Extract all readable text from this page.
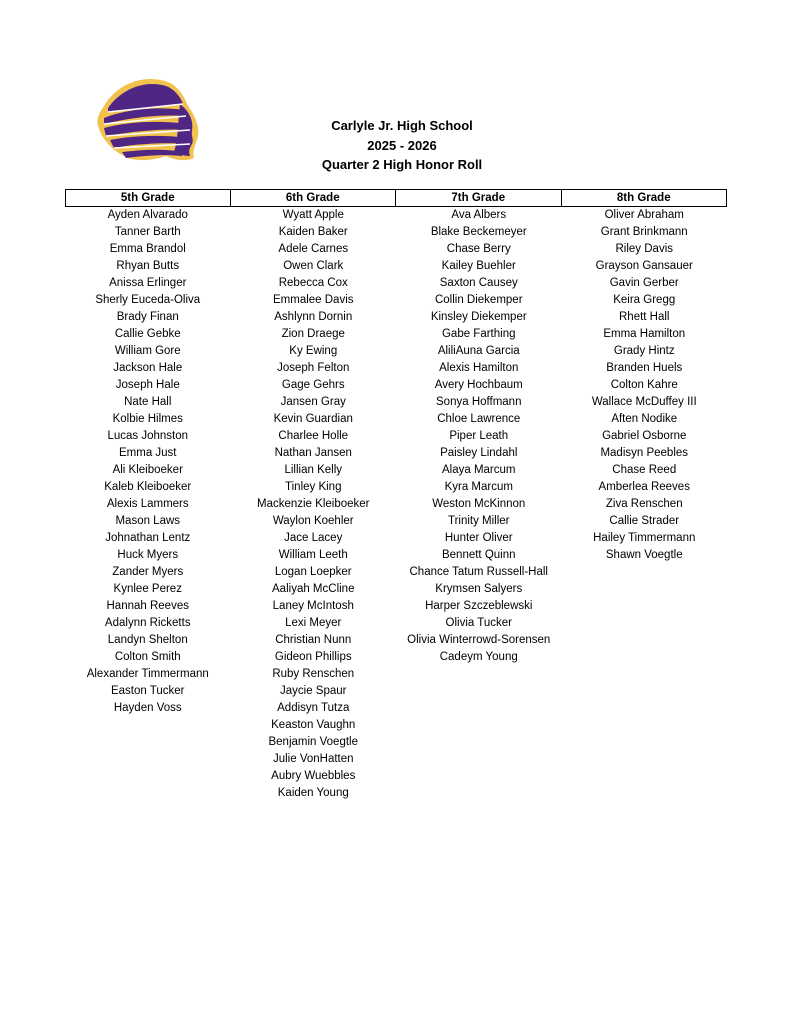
Carlyle Jr. High School
2025 - 2026
Quarter 2 High Honor Roll
5th Grade
Ayden Alvarado
Tanner Barth
Emma Brandol
Rhyan Butts
Anissa Erlinger
Sherly Euceda-Oliva
Brady Finan
Callie Gebke
William Gore
Jackson Hale
Joseph Hale
Nate Hall
Kolbie Hilmes
Lucas Johnston
Emma Just
Ali Kleiboeker
Kaleb Kleiboeker
Alexis Lammers
Mason Laws
Johnathan Lentz
Huck Myers
Zander Myers
Kynlee Perez
Hannah Reeves
Adalynn Ricketts
Landyn Shelton
Colton Smith
Alexander Timmermann
Easton Tucker
Hayden Voss
6th Grade
Wyatt Apple
Kaiden Baker
Adele Carnes
Owen Clark
Rebecca Cox
Emmalee Davis
Ashlynn Dornin
Zion Draege
Ky Ewing
Joseph Felton
Gage Gehrs
Jansen Gray
Kevin Guardian
Charlee Holle
Nathan Jansen
Lillian Kelly
Tinley King
Mackenzie Kleiboeker
Waylon Koehler
Jace Lacey
William Leeth
Logan Loepker
Aaliyah McCline
Laney McIntosh
Lexi Meyer
Christian Nunn
Gideon Phillips
Ruby Renschen
Jaycie Spaur
Addisyn Tutza
Keaston Vaughn
Benjamin Voegtle
Julie VonHatten
Aubry Wuebbles
Kaiden Young
7th Grade
Ava Albers
Blake Beckemeyer
Chase Berry
Kailey Buehler
Saxton Causey
Collin Diekemper
Kinsley Diekemper
Gabe Farthing
AliliAuna Garcia
Alexis Hamilton
Avery Hochbaum
Sonya Hoffmann
Chloe Lawrence
Piper Leath
Paisley Lindahl
Alaya Marcum
Kyra Marcum
Weston McKinnon
Trinity Miller
Hunter Oliver
Bennett Quinn
Chance Tatum Russell-Hall
Krymsen Salyers
Harper Szczeblewski
Olivia Tucker
Olivia Winterrowd-Sorensen
Cadeym Young
8th Grade
Oliver Abraham
Grant Brinkmann
Riley Davis
Grayson Gansauer
Gavin Gerber
Keira Gregg
Rhett Hall
Emma Hamilton
Grady Hintz
Branden Huels
Colton Kahre
Wallace McDuffey III
Aften Nodike
Gabriel Osborne
Madisyn Peebles
Chase Reed
Amberlea Reeves
Ziva Renschen
Callie Strader
Hailey Timmermann
Shawn Voegtle
